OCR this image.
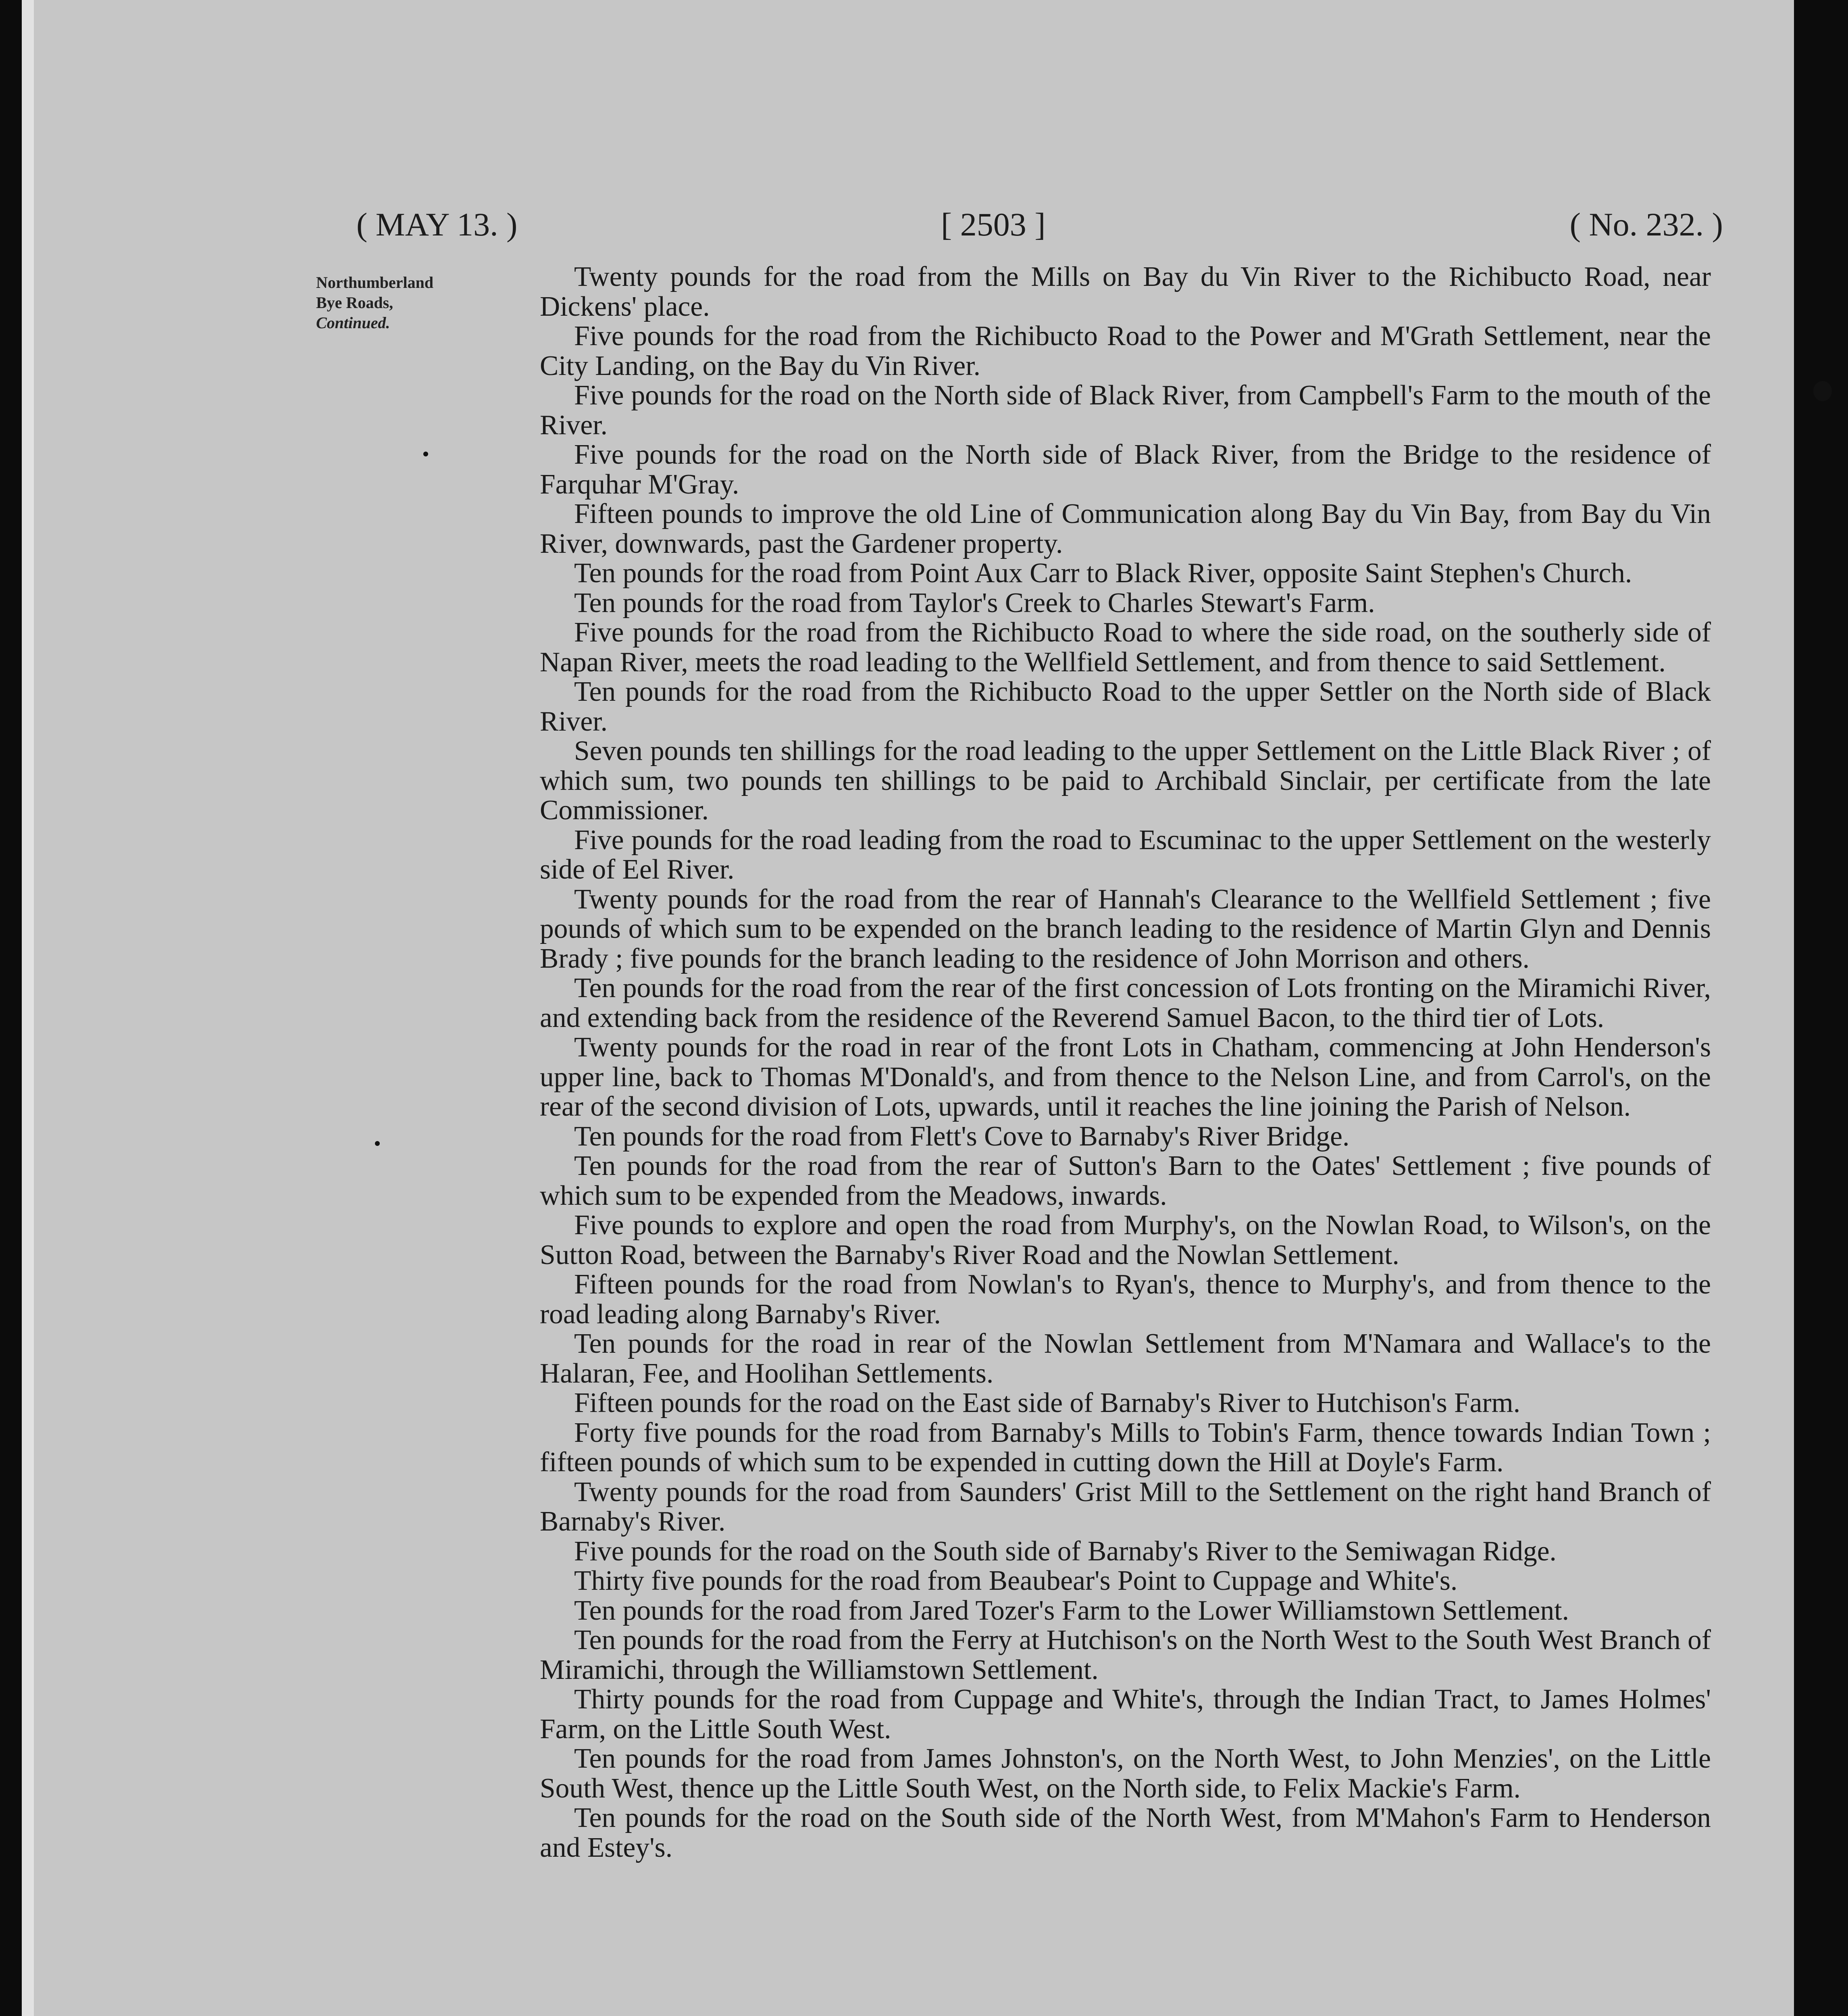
( MAY 13. )	[ 2503 ]	( No. 232. )
Northumberland
Bye Roads,
Continued.

Twenty pounds for the road from the Mills on Bay du Vin River to the Richibucto Road, near Dickens' place.

Five pounds for the road from the Richibucto Road to the Power and M'Grath Settlement, near the City Landing, on the Bay du Vin River.

Five pounds for the road on the North side of Black River, from Campbell's Farm to the mouth of the River.

Five pounds for the road on the North side of Black River, from the Bridge to the residence of Farquhar M'Gray.

Fifteen pounds to improve the old Line of Communication along Bay du Vin Bay, from Bay du Vin River, downwards, past the Gardener property.

Ten pounds for the road from Point Aux Carr to Black River, opposite Saint Stephen's Church.

Ten pounds for the road from Taylor's Creek to Charles Stewart's Farm.

Five pounds for the road from the Richibucto Road to where the side road, on the southerly side of Napan River, meets the road leading to the Wellfield Settlement, and from thence to said Settlement.

Ten pounds for the road from the Richibucto Road to the upper Settler on the North side of Black River.

Seven pounds ten shillings for the road leading to the upper Settlement on the Little Black River ; of which sum, two pounds ten shillings to be paid to Archibald Sinclair, per certificate from the late Commissioner.

Five pounds for the road leading from the road to Escuminac to the upper Settlement on the westerly side of Eel River.

Twenty pounds for the road from the rear of Hannah's Clearance to the Wellfield Settlement ; five pounds of which sum to be expended on the branch leading to the residence of Martin Glyn and Dennis Brady ; five pounds for the branch leading to the residence of John Morrison and others.

Ten pounds for the road from the rear of the first concession of Lots fronting on the Miramichi River, and extending back from the residence of the Reverend Samuel Bacon, to the third tier of Lots.

Twenty pounds for the road in rear of the front Lots in Chatham, commencing at John Henderson's upper line, back to Thomas M'Donald's, and from thence to the Nelson Line, and from Carrol's, on the rear of the second division of Lots, upwards, until it reaches the line joining the Parish of Nelson.

Ten pounds for the road from Flett's Cove to Barnaby's River Bridge.

Ten pounds for the road from the rear of Sutton's Barn to the Oates' Settlement ; five pounds of which sum to be expended from the Meadows, inwards.

Five pounds to explore and open the road from Murphy's, on the Nowlan Road, to Wilson's, on the Sutton Road, between the Barnaby's River Road and the Nowlan Settlement.

Fifteen pounds for the road from Nowlan's to Ryan's, thence to Murphy's, and from thence to the road leading along Barnaby's River.

Ten pounds for the road in rear of the Nowlan Settlement from M'Namara and Wallace's to the Halaran, Fee, and Hoolihan Settlements.

Fifteen pounds for the road on the East side of Barnaby's River to Hutchison's Farm.

Forty five pounds for the road from Barnaby's Mills to Tobin's Farm, thence towards Indian Town ; fifteen pounds of which sum to be expended in cutting down the Hill at Doyle's Farm.

Twenty pounds for the road from Saunders' Grist Mill to the Settlement on the right hand Branch of Barnaby's River.

Five pounds for the road on the South side of Barnaby's River to the Semiwagan Ridge.

Thirty five pounds for the road from Beaubear's Point to Cuppage and White's.

Ten pounds for the road from Jared Tozer's Farm to the Lower Williamstown Settlement.

Ten pounds for the road from the Ferry at Hutchison's on the North West to the South West Branch of Miramichi, through the Williamstown Settlement.

Thirty pounds for the road from Cuppage and White's, through the Indian Tract, to James Holmes' Farm, on the Little South West.

Ten pounds for the road from James Johnston's, on the North West, to John Menzies', on the Little South West, thence up the Little South West, on the North side, to Felix Mackie's Farm.

Ten pounds for the road on the South side of the North West, from M'Mahon's Farm to Henderson and Estey's.
